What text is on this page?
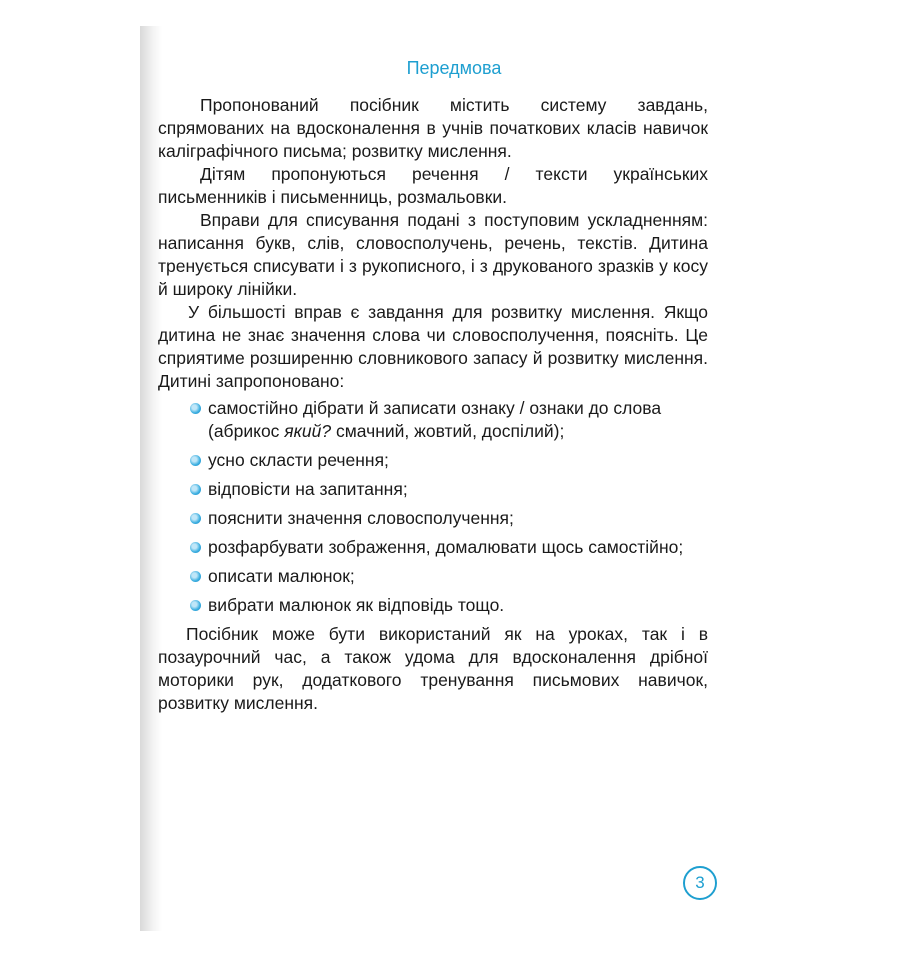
Передмова

Пропонований посібник містить систему завдань, спрямованих на вдосконалення в учнів початкових класів навичок каліграфічного письма; розвитку мислення.

Дітям пропонуються речення / тексти українських письменників і письменниць, розмальовки.

Вправи для списування подані з поступовим ускладненням: написання букв, слів, словосполучень, речень, текстів. Дитина тренується списувати і з рукописного, і з друкованого зразків у косу й широку лінійки.

У більшості вправ є завдання для розвитку мислення. Якщо дитина не знає значення слова чи словосполучення, поясніть. Це сприятиме розширенню словникового запасу й розвитку мислення. Дитині запропоновано:

самостійно дібрати й записати ознаку / ознаки до слова (абрикос який? смачний, жовтий, доспілий);
усно скласти речення;
відповісти на запитання;
пояснити значення словосполучення;
розфарбувати зображення, домалювати щось самостійно;
описати малюнок;
вибрати малюнок як відповідь тощо.

Посібник може бути використаний як на уроках, так і в позаурочний час, а також удома для вдосконалення дрібної моторики рук, додаткового тренування письмових навичок, розвитку мислення.

3
